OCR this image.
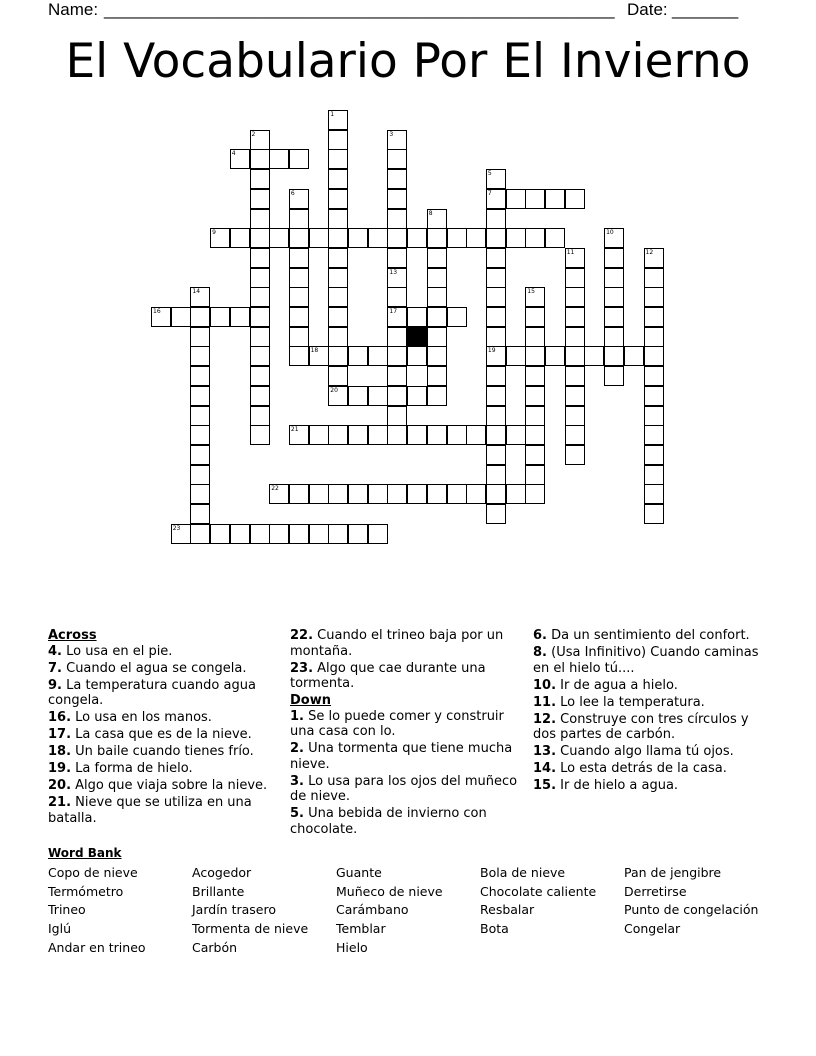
Name: ______________________________________________________ Date: _______
El Vocabulario Por El Invierno
4
7
9
16	17
18	19
20
21
22
23
1
2	3
5
6
8
10
11	12
13
14	15
Across
4. Lo usa en el pie.
7. Cuando el agua se congela.
9. La temperatura cuando agua congela.
16. Lo usa en los manos.
17. La casa que es de la nieve.
18. Un baile cuando tienes frío.
19. La forma de hielo.
20. Algo que viaja sobre la nieve.
21. Nieve que se utiliza en una batalla.
22. Cuando el trineo baja por un montaña.
23. Algo que cae durante una tormenta.
Down
1. Se lo puede comer y construir una casa con lo.
2. Una tormenta que tiene mucha nieve.
3. Lo usa para los ojos del muñeco de nieve.
5. Una bebida de invierno con chocolate.
6. Da un sentimiento del confort.
8. (Usa Infinitivo) Cuando caminas en el hielo tú....
10. Ir de agua a hielo.
11. Lo lee la temperatura.
12. Construye con tres círculos y dos partes de carbón.
13. Cuando algo llama tú ojos.
14. Lo esta detrás de la casa.
15. Ir de hielo a agua.
Word Bank
Copo de nieve
Termómetro
Trineo
Iglú
Andar en trineo
Acogedor
Brillante
Jardín trasero
Tormenta de nieve
Carbón
Guante
Muñeco de nieve
Carámbano
Temblar
Hielo
Bola de nieve
Chocolate caliente
Resbalar
Bota
Pan de jengibre
Derretirse
Punto de congelación
Congelar
